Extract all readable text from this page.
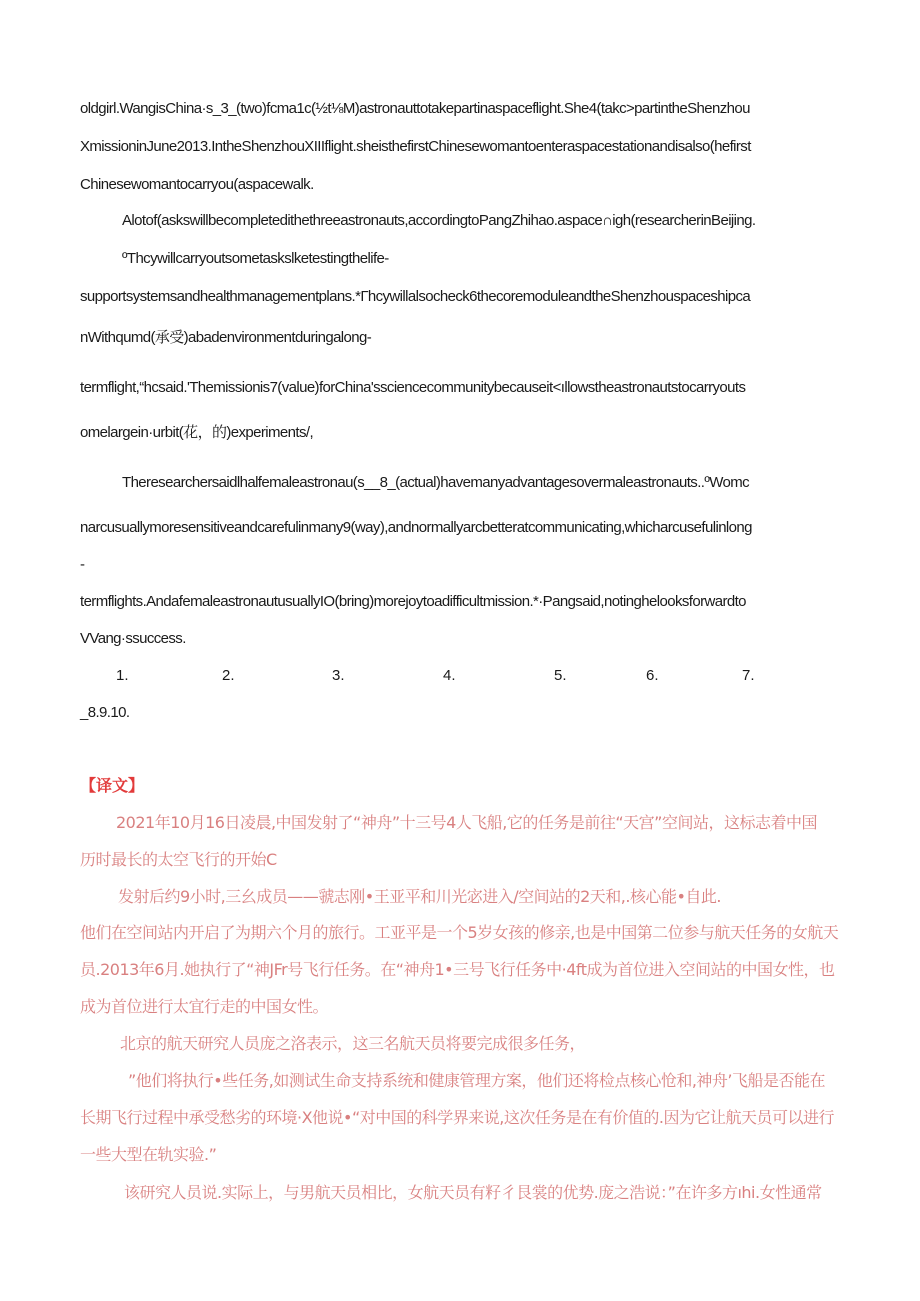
oldgirl.WangisChina·s_3_(two)fcma1c(½t⅛M)astronauttotakepartinaspaceflight.She4(takc>partintheShenzhou
XmissioninJune2013.IntheShenzhouXIIIflight.sheisthefirstChinesewomantoenteraspacestationandisalso(hefirst
Chinesewomantocarryou(aspacewalk.
Alotof(askswillbecompletedithethreeastronauts,accordingtoPangZhihao.aspace∩igh(researcherinBeijing.
ºThcywillcarryoutsometaskslketestingthelife-
supportsystemsandhealthmanagementplans.*Гhcywillalsocheck6thecoremoduleandtheShenzhouspaceshipca
nWithqumd(承受)abadenvironmentduringalong-
termflight,“hcsaid.'Themissionis7(value)forChina'ssciencecommunitybecauseit<ıllowstheastronautstocarryouts
omelargein·urbit(花，的)experiments/,
Theresearchersaidlhalfemaleastronau(s__8_(actual)havemanyadvantagesovermaleastronauts..ºWomc
narcusuallymoresensitiveandcarefulinmany9(way),andnormallyarcbetteratcommunicating,whicharcusefulinlong
-
termflights.AndafemaleastronautusuallyIO(bring)morejoytoadifficultmission.*·Pangsaid,notinghelooksforwardto
VVang·ssuccess.
1.	2.	3.	4.	5.	6.	7.
_8.9.10.
【译文】
2021年10月16日凌晨,中国发射了“神舟”十三号4人飞船,它的任务是前往“天宫”空间站，这标志着中国
历时最长的太空飞行的开始C
发射后约9小时,三幺成员——虢志刚•王亚平和川光宓进入/空间站的2天和,.核心能•自此.
他们在空间站内开启了为期六个月的旅行。工亚平是一个5岁女孩的修亲,也是中国第二位参与航天任务的女航天
员.2013年6月.她执行了“神JFr号飞行任务。在“神舟1•三号飞行任务中·4ft成为首位进入空间站的中国女性，也
成为首位进行太宜行走的中国女性。
北京的航天研究人员庞之洛表示，这三名航天员将要完成很多任务，
”他们将执行•些任务,如测试生命支持系统和健康管理方案，他们还将检点核心怆和,神舟’飞船是否能在
长期飞行过程中承受愁劣的环境·X他说•“对中国的科学界来说,这次任务是在有价值的.因为它让航天员可以进行
一些大型在轨实验.”
该研究人员说.实际上，与男航天员相比，女航天员有籽彳艮裳的优势.庞之浩说：”在许多方ıhi.女性通常
